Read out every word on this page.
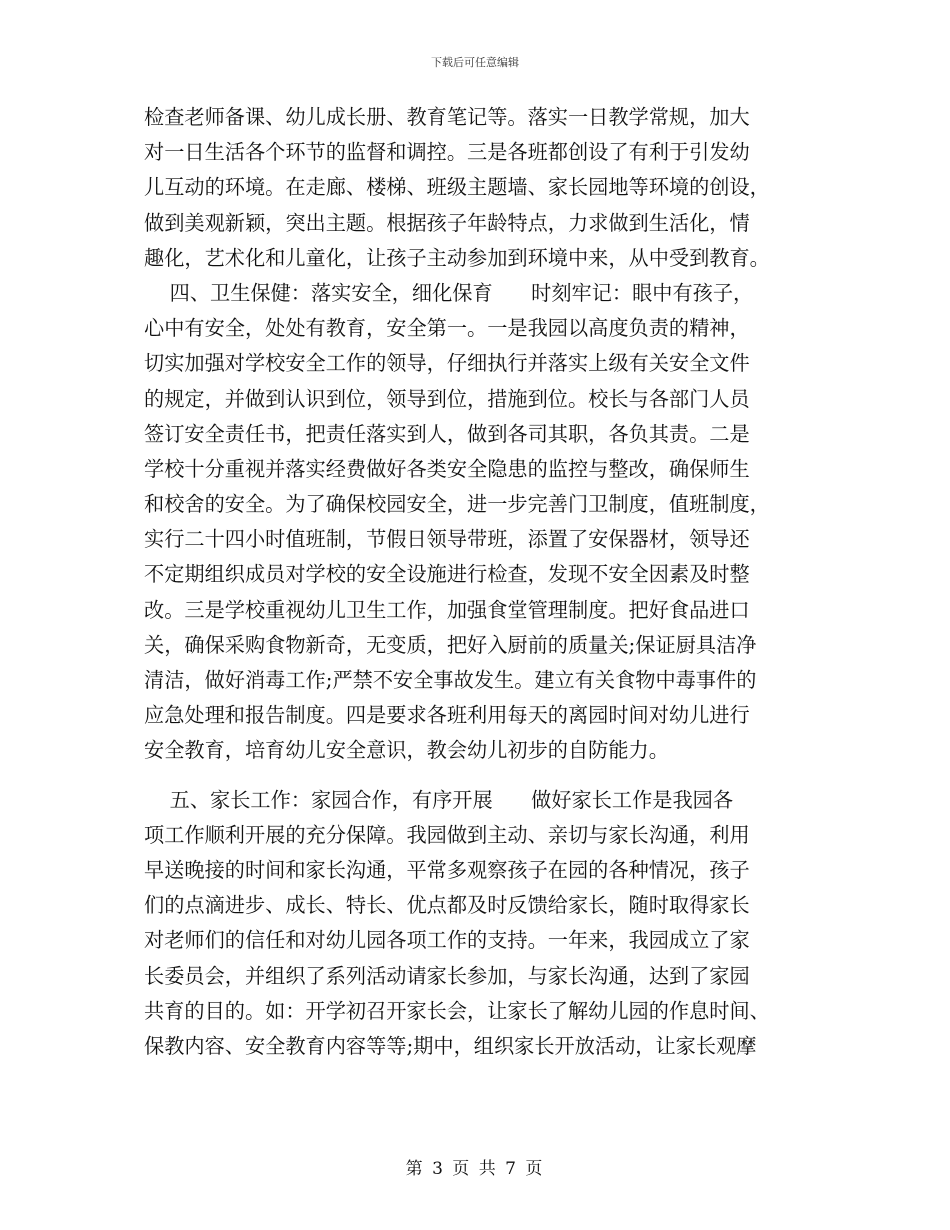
下载后可任意编辑
检查老师备课、幼儿成长册、教育笔记等。落实一日教学常规，加大
对一日生活各个环节的监督和调控。三是各班都创设了有利于引发幼
儿互动的环境。在走廊、楼梯、班级主题墙、家长园地等环境的创设，
做到美观新颖，突出主题。根据孩子年龄特点，力求做到生活化，情
趣化，艺术化和儿童化，让孩子主动参加到环境中来，从中受到教育。
四、卫生保健：落实安全，细化保育      时刻牢记：眼中有孩子，
心中有安全，处处有教育，安全第一。一是我园以高度负责的精神，
切实加强对学校安全工作的领导，仔细执行并落实上级有关安全文件
的规定，并做到认识到位，领导到位，措施到位。校长与各部门人员
签订安全责任书，把责任落实到人，做到各司其职，各负其责。二是
学校十分重视并落实经费做好各类安全隐患的监控与整改，确保师生
和校舍的安全。为了确保校园安全，进一步完善门卫制度，值班制度，
实行二十四小时值班制，节假日领导带班，添置了安保器材，领导还
不定期组织成员对学校的安全设施进行检查，发现不安全因素及时整
改。三是学校重视幼儿卫生工作，加强食堂管理制度。把好食品进口
关，确保采购食物新奇，无变质，把好入厨前的质量关;保证厨具洁净
清洁，做好消毒工作;严禁不安全事故发生。建立有关食物中毒事件的
应急处理和报告制度。四是要求各班利用每天的离园时间对幼儿进行
安全教育，培育幼儿安全意识，教会幼儿初步的自防能力。
五、家长工作：家园合作，有序开展      做好家长工作是我园各
项工作顺利开展的充分保障。我园做到主动、亲切与家长沟通，利用
早送晚接的时间和家长沟通，平常多观察孩子在园的各种情况，孩子
们的点滴进步、成长、特长、优点都及时反馈给家长，随时取得家长
对老师们的信任和对幼儿园各项工作的支持。一年来，我园成立了家
长委员会，并组织了系列活动请家长参加，与家长沟通，达到了家园
共育的目的。如：开学初召开家长会，让家长了解幼儿园的作息时间、
保教内容、安全教育内容等等;期中，组织家长开放活动，让家长观摩
第 3 页 共 7 页
